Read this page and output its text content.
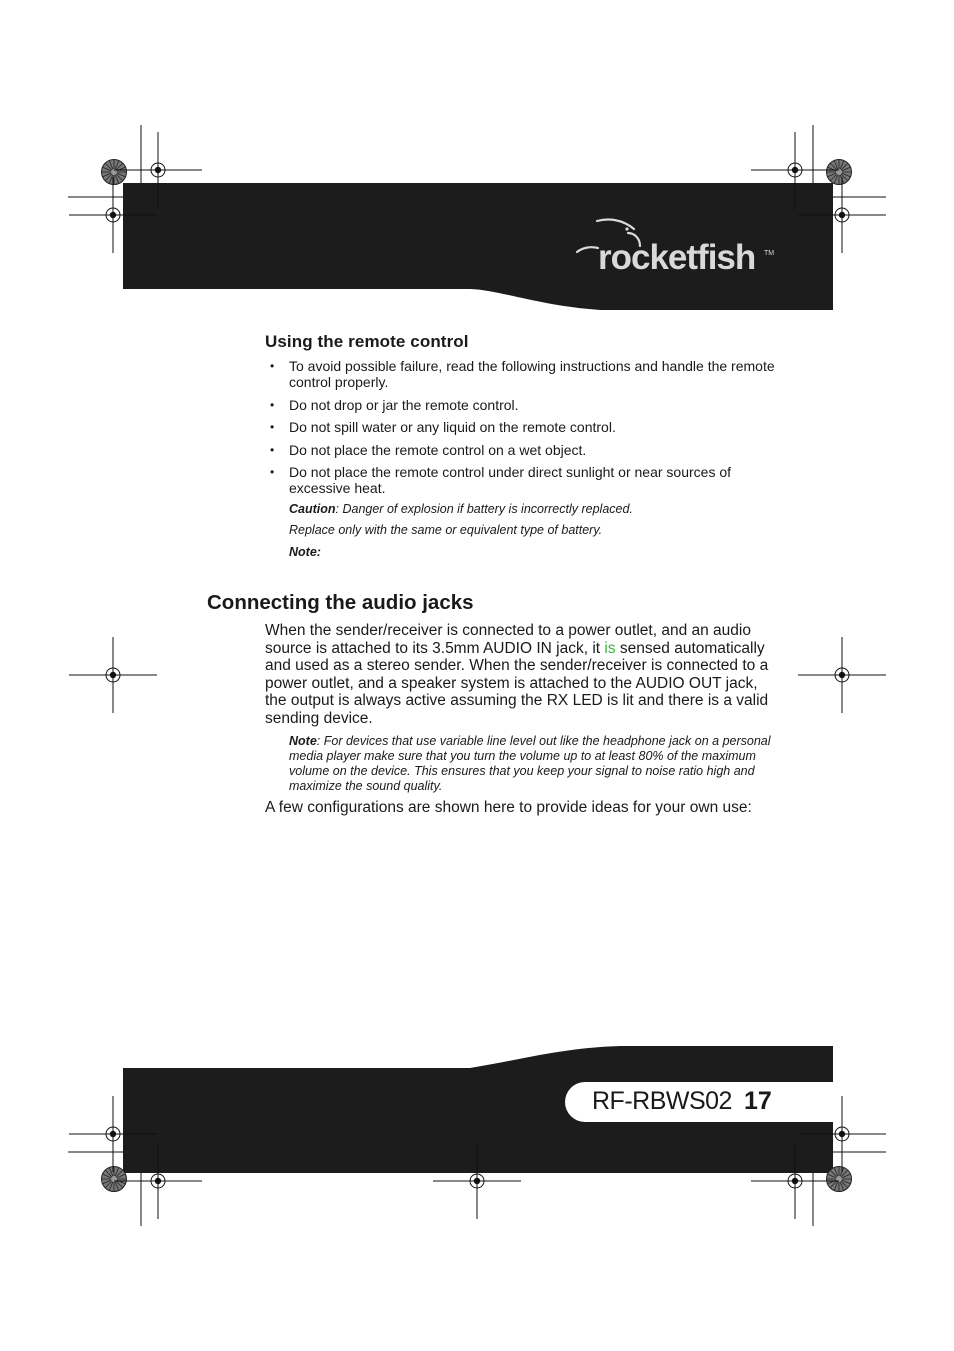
rocketfish ™
Using the remote control
• To avoid possible failure, read the following instructions and handle the remote control properly.
• Do not drop or jar the remote control.
• Do not spill water or any liquid on the remote control.
• Do not place the remote control on a wet object.
• Do not place the remote control under direct sunlight or near sources of excessive heat.
Caution: Danger of explosion if battery is incorrectly replaced.
Replace only with the same or equivalent type of battery.
Note:
Connecting the audio jacks

When the sender/receiver is connected to a power outlet, and an audio source is attached to its 3.5mm AUDIO IN jack, it is sensed automatically and used as a stereo sender. When the sender/receiver is connected to a power outlet, and a speaker system is attached to the AUDIO OUT jack, the output is always active assuming the RX LED is lit and there is a valid sending device.

Note: For devices that use variable line level out like the headphone jack on a personal media player make sure that you turn the volume up to at least 80% of the maximum volume on the device. This ensures that you keep your signal to noise ratio high and maximize the sound quality.

A few configurations are shown here to provide ideas for your own use:

RF-RBWS02 17
